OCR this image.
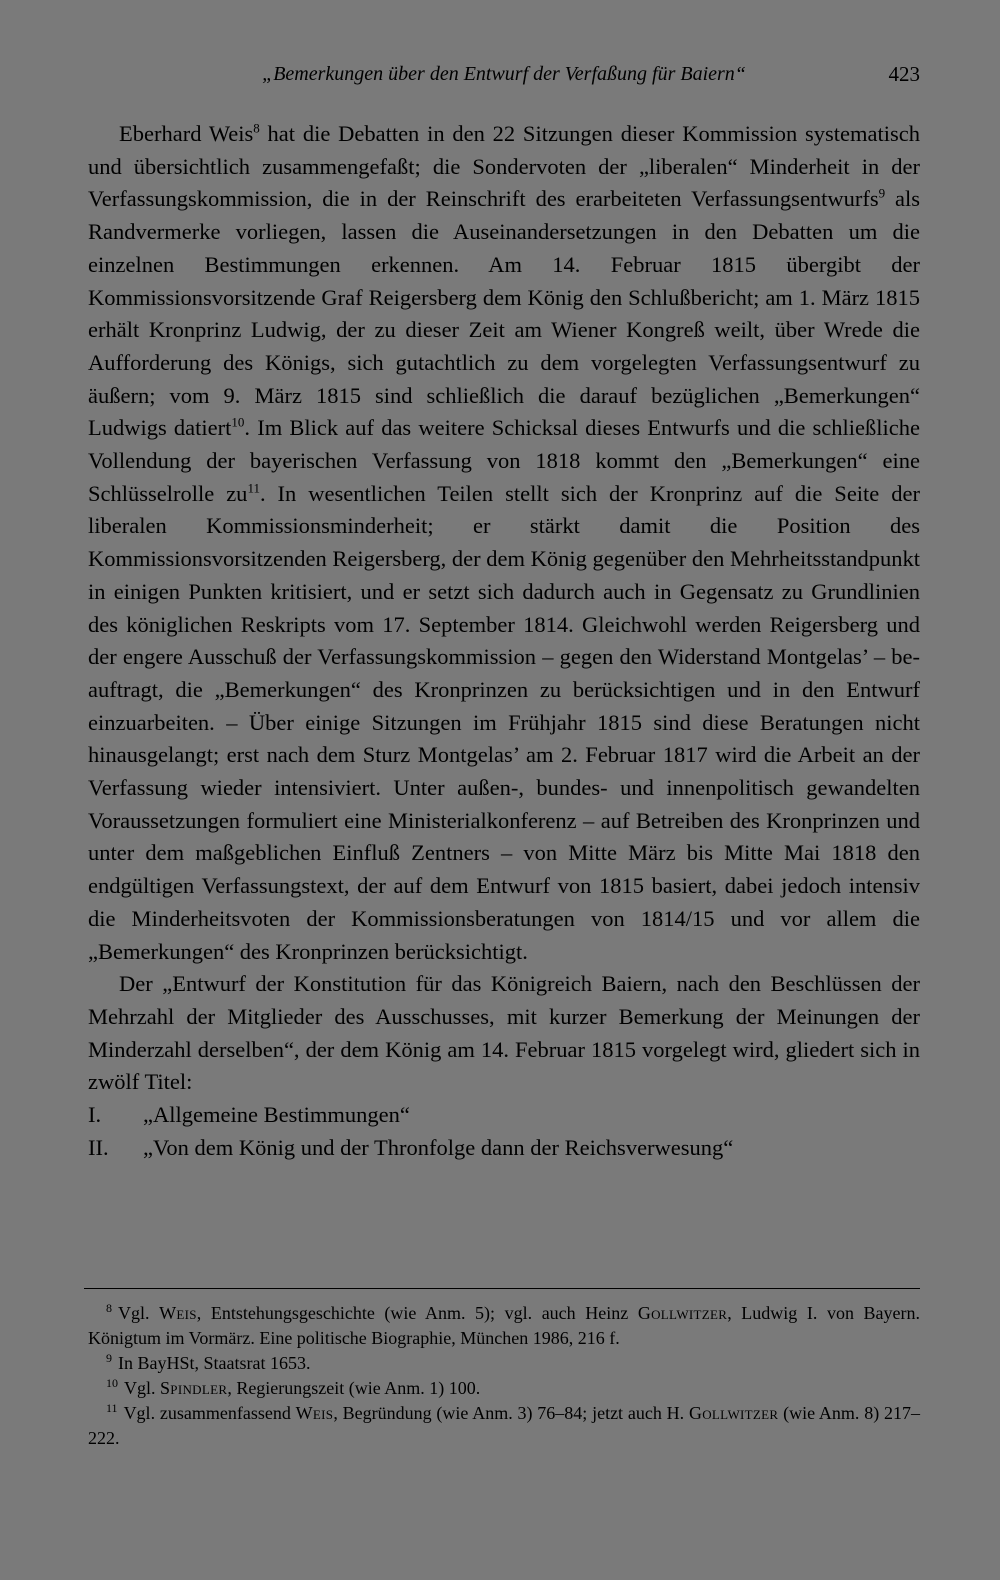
„Bemerkungen über den Entwurf der Verfaßung für Baiern“	423

Eberhard Weis$^8$ hat die Debatten in den 22 Sitzungen dieser Kommission systematisch und übersichtlich zusammengefaßt; die Sondervoten der „liberalen“ Minderheit in der Verfassungskommission, die in der Reinschrift des erarbeiteten Verfassungsentwurfs$^9$ als Randvermerke vorliegen, lassen die Auseinandersetzungen in den Debatten um die einzelnen Bestimmungen erkennen. Am 14. Februar 1815 übergibt der Kommissionsvorsitzende Graf Reigersberg dem König den Schlußbericht; am 1. März 1815 erhält Kronprinz Ludwig, der zu dieser Zeit am Wiener Kongreß weilt, über Wrede die Aufforderung des Königs, sich gutachtlich zu dem vorgelegten Verfassungsentwurf zu äußern; vom 9. März 1815 sind schließlich die darauf bezüglichen „Bemerkungen“ Ludwigs datiert$^{10}$. Im Blick auf das weitere Schicksal dieses Entwurfs und die schließliche Vollendung der bayerischen Verfassung von 1818 kommt den „Bemerkungen“ eine Schlüsselrolle zu$^{11}$. In wesentlichen Teilen stellt sich der Kronprinz auf die Seite der liberalen Kommissionsminderheit; er stärkt damit die Position des Kommissionsvorsitzenden Reigersberg, der dem König gegenüber den Mehrheitsstandpunkt in einigen Punkten kritisiert, und er setzt sich dadurch auch in Gegensatz zu Grundlinien des königlichen Reskripts vom 17. September 1814. Gleichwohl werden Reigersberg und der engere Ausschuß der Verfassungskommission – gegen den Widerstand Montgelas’ – beauftragt, die „Bemerkungen“ des Kronprinzen zu berücksichtigen und in den Entwurf einzuarbeiten. – Über einige Sitzungen im Frühjahr 1815 sind diese Beratungen nicht hinausgelangt; erst nach dem Sturz Montgelas’ am 2. Februar 1817 wird die Arbeit an der Verfassung wieder intensiviert. Unter außen-, bundes- und innenpolitisch gewandelten Voraussetzungen formuliert eine Ministerialkonferenz – auf Betreiben des Kronprinzen und unter dem maßgeblichen Einfluß Zentners – von Mitte März bis Mitte Mai 1818 den endgültigen Verfassungstext, der auf dem Entwurf von 1815 basiert, dabei jedoch intensiv die Minderheitsvoten der Kommissionsberatungen von 1814/15 und vor allem die „Bemerkungen“ des Kronprinzen berücksichtigt.

Der „Entwurf der Konstitution für das Königreich Baiern, nach den Beschlüssen der Mehrzahl der Mitglieder des Ausschusses, mit kurzer Bemerkung der Meinungen der Minderzahl derselben“, der dem König am 14. Februar 1815 vorgelegt wird, gliedert sich in zwölf Titel:

I.	„Allgemeine Bestimmungen“
II.	„Von dem König und der Thronfolge dann der Reichsverwesung“

$^8$ Vgl. Weis, Entstehungsgeschichte (wie Anm. 5); vgl. auch Heinz Gollwitzer, Ludwig I. von Bayern. Königtum im Vormärz. Eine politische Biographie, München 1986, 216 f.

$^9$ In BayHSt, Staatsrat 1653.

$^{10}$ Vgl. Spindler, Regierungszeit (wie Anm. 1) 100.

$^{11}$ Vgl. zusammenfassend Weis, Begründung (wie Anm. 3) 76–84; jetzt auch H. Gollwitzer (wie Anm. 8) 217–222.
